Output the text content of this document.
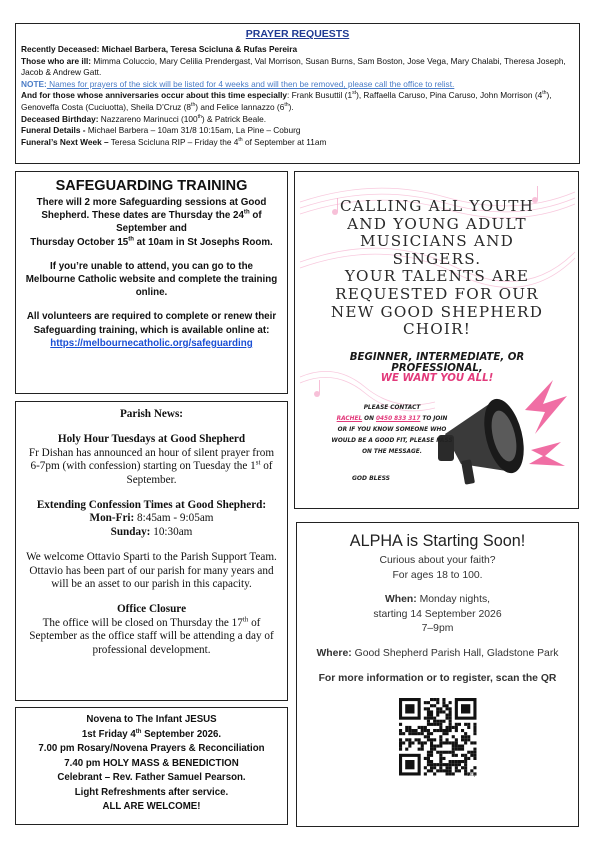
PRAYER REQUESTS
Recently Deceased: Michael Barbera, Teresa Scicluna & Rufas Pereira
Those who are ill: Mimma Coluccio, Mary Celilia Prendergast, Val Morrison, Susan Burns, Sam Boston, Jose Vega, Mary Chalabi, Theresa Joseph, Jacob & Andrew Gatt.
NOTE: Names for prayers of the sick will be listed for 4 weeks and will then be removed, please call the office to relist.
And for those whose anniversaries occur about this time especially: Frank Busuttil (1st), Raffaella Caruso, Pina Caruso, John Morrison (4th), Genoveffa Costa (Cuciuotta), Sheila D’Cruz (8th) and Felice Iannazzo (6th).
Deceased Birthday: Nazzareno Marinucci (100th) & Patrick Beale.
Funeral Details - Michael Barbera – 10am 31/8 10:15am, La Pine – Coburg
Funeral’s Next Week – Teresa Scicluna RIP – Friday the 4th of September at 11am
SAFEGUARDING TRAINING

There will 2 more Safeguarding sessions at Good Shepherd. These dates are Thursday the 24th of September and
Thursday October 15th at 10am in St Josephs Room.

If you’re unable to attend, you can go to the Melbourne Catholic website and complete the training online.

All volunteers are required to complete or renew their Safeguarding training, which is available online at:
https://melbournecatholic.org/safeguarding

CALLING ALL YOUTH
AND YOUNG ADULT
MUSICIANS AND
SINGERS.
YOUR TALENTS ARE
REQUESTED FOR OUR
NEW GOOD SHEPHERD
CHOIR!
BEGINNER, INTERMEDIATE, OR PROFESSIONAL,
WE WANT YOU ALL!
PLEASE CONTACT
RACHEL ON 0450 833 317 TO JOIN OR IF YOU KNOW SOMEONE WHO WOULD BE A GOOD FIT, PLEASE PASS ON THE MESSAGE.
GOD BLESS

Parish News:

Holy Hour Tuesdays at Good Shepherd

Fr Dishan has announced an hour of silent prayer from
6-7pm (with confession) starting on Tuesday the 1st of September.

Extending Confession Times at Good Shepherd:

Mon-Fri: 8:45am - 9:05am

Sunday: 10:30am

We welcome Ottavio Sparti to the Parish Support Team. Ottavio has been part of our parish for many years and will be an asset to our parish in this capacity.

Office Closure

The office will be closed on Thursday the 17th of September as the office staff will be attending a day of professional development.

ALPHA is Starting Soon!
Curious about your faith?
For ages 18 to 100.
When: Monday nights,
starting 14 September 2026
7–9pm
Where: Good Shepherd Parish Hall, Gladstone Park
For more information or to register, scan the QR
bitly
Novena to The Infant JESUS
1st Friday 4th September 2026.
7.00 pm Rosary/Novena Prayers & Reconciliation
7.40 pm HOLY MASS & BENEDICTION
Celebrant – Rev. Father Samuel Pearson.
Light Refreshments after service.
ALL ARE WELCOME!
